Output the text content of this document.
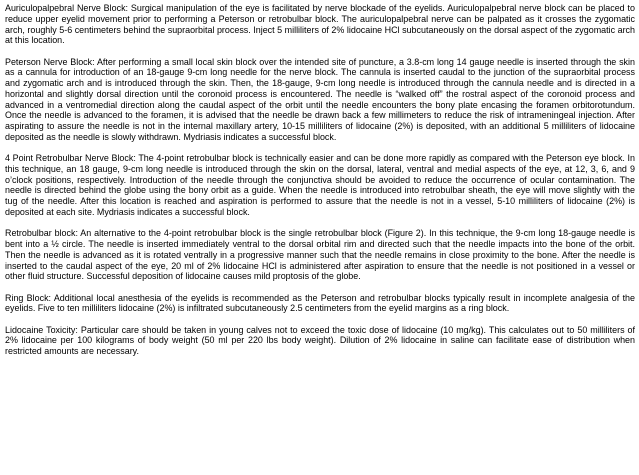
Auriculopalpebral Nerve Block: Surgical manipulation of the eye is facilitated by nerve blockade of the eyelids. Auriculopalpebral nerve block can be placed to reduce upper eyelid movement prior to performing a Peterson or retrobulbar block. The auriculopalpebral nerve can be palpated as it crosses the zygomatic arch, roughly 5-6 centimeters behind the supraorbital process. Inject 5 milliliters of 2% lidocaine HCl subcutaneously on the dorsal aspect of the zygomatic arch at this location.

Peterson Nerve Block: After performing a small local skin block over the intended site of puncture, a 3.8-cm long 14 gauge needle is inserted through the skin as a cannula for introduction of an 18-gauge 9-cm long needle for the nerve block. The cannula is inserted caudal to the junction of the supraorbital process and zygomatic arch and is introduced through the skin. Then, the 18-gauge, 9-cm long needle is introduced through the cannula needle and is directed in a horizontal and slightly dorsal direction until the coronoid process is encountered. The needle is “walked off” the rostral aspect of the coronoid process and advanced in a ventromedial direction along the caudal aspect of the orbit until the needle encounters the bony plate encasing the foramen orbitorotundum. Once the needle is advanced to the foramen, it is advised that the needle be drawn back a few millimeters to reduce the risk of intrameningeal injection. After aspirating to assure the needle is not in the internal maxillary artery, 10-15 milliliters of lidocaine (2%) is deposited, with an additional 5 milliliters of lidocaine deposited as the needle is slowly withdrawn. Mydriasis indicates a successful block.

4 Point Retrobulbar Nerve Block: The 4-point retrobulbar block is technically easier and can be done more rapidly as compared with the Peterson eye block. In this technique, an 18 gauge, 9-cm long needle is introduced through the skin on the dorsal, lateral, ventral and medial aspects of the eye, at 12, 3, 6, and 9 o’clock positions, respectively. Introduction of the needle through the conjunctiva should be avoided to reduce the occurrence of ocular contamination. The needle is directed behind the globe using the bony orbit as a guide. When the needle is introduced into retrobulbar sheath, the eye will move slightly with the tug of the needle. After this location is reached and aspiration is performed to assure that the needle is not in a vessel, 5-10 milliliters of lidocaine (2%) is deposited at each site. Mydriasis indicates a successful block.

Retrobulbar block: An alternative to the 4-point retrobulbar block is the single retrobulbar block (Figure 2). In this technique, the 9-cm long 18-gauge needle is bent into a ½ circle. The needle is inserted immediately ventral to the dorsal orbital rim and directed such that the needle impacts into the bone of the orbit. Then the needle is advanced as it is rotated ventrally in a progressive manner such that the needle remains in close proximity to the bone. After the needle is inserted to the caudal aspect of the eye, 20 ml of 2% lidocaine HCl is administered after aspiration to ensure that the needle is not positioned in a vessel or other fluid structure. Successful deposition of lidocaine causes mild proptosis of the globe.

Ring Block: Additional local anesthesia of the eyelids is recommended as the Peterson and retrobulbar blocks typically result in incomplete analgesia of the eyelids. Five to ten milliliters lidocaine (2%) is infiltrated subcutaneously 2.5 centimeters from the eyelid margins as a ring block.

Lidocaine Toxicity: Particular care should be taken in young calves not to exceed the toxic dose of lidocaine (10 mg/kg). This calculates out to 50 milliliters of 2% lidocaine per 100 kilograms of body weight (50 ml per 220 lbs body weight). Dilution of 2% lidocaine in saline can facilitate ease of distribution when restricted amounts are necessary.
